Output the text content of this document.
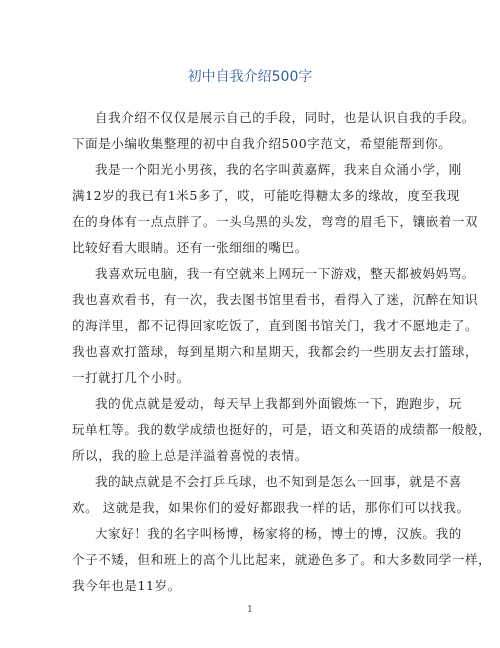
初中自我介绍500字
自我介绍不仅仅是展示自己的手段，同时，也是认识自我的手段。
下面是小编收集整理的初中自我介绍500字范文，希望能帮到你。
我是一个阳光小男孩，我的名字叫黄嘉辉，我来自众涌小学，刚
满12岁的我已有1米5多了，哎，可能吃得糖太多的缘故，度至我现
在的身体有一点点胖了。一头乌黑的头发，弯弯的眉毛下，镶嵌着一双
比较好看大眼睛。还有一张细细的嘴巴。
我喜欢玩电脑，我一有空就来上网玩一下游戏，整天都被妈妈骂。
我也喜欢看书，有一次，我去图书馆里看书，看得入了迷，沉醉在知识
的海洋里，都不记得回家吃饭了，直到图书馆关门，我才不愿地走了。
我也喜欢打篮球，每到星期六和星期天，我都会约一些朋友去打篮球，
一打就打几个小时。
我的优点就是爱动，每天早上我都到外面锻炼一下，跑跑步，玩
玩单杠等。我的数学成绩也挺好的，可是，语文和英语的成绩都一般般，
所以，我的脸上总是洋溢着喜悦的表情。
我的缺点就是不会打乒乓球，也不知到是怎么一回事，就是不喜
欢。 这就是我，如果你们的爱好都跟我一样的话，那你们可以找我。
大家好！我的名字叫杨博，杨家将的杨，博士的博，汉族。我的
个子不矮，但和班上的高个儿比起来，就逊色多了。和大多数同学一样，
我今年也是11岁。
1
